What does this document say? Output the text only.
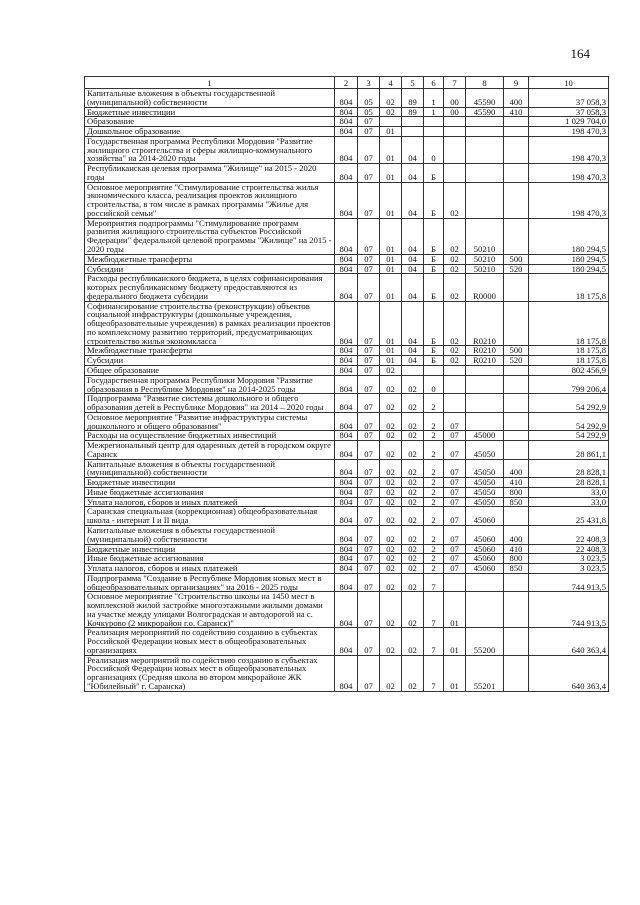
164
1	2	3	4	5	6	7	8	9	10
Капитальные вложения в объекты государственной (муниципальной) собственности	804	05	02	89	1	00	45590	400	37 058,3
Бюджетные инвестиции	804	05	02	89	1	00	45590	410	37 058,3
Образование	804	07							1 029 704,0
Дошкольное образование	804	07	01						198 470,3
Государственная программа Республики Мордовия "Развитие жилищного строительства и сферы жилищно-коммунального хозяйства" на 2014-2020 годы	804	07	01	04	0				198 470,3
Республиканская целевая программа "Жилище" на 2015 - 2020 годы	804	07	01	04	Б				198 470,3
Основное мероприятие "Стимулирование строительства жилья экономического класса, реализация проектов жилищного строительства, в том числе в рамках программы "Жилье для российской семьи"	804	07	01	04	Б	02			198 470,3
Мероприятия подпрограммы "Стимулирование программ развития жилищного строительства субъектов Российской Федерации" федеральной целевой программы "Жилище" на 2015 - 2020 годы	804	07	01	04	Б	02	50210		180 294,5
Межбюджетные трансферты	804	07	01	04	Б	02	50210	500	180 294,5
Субсидии	804	07	01	04	Б	02	50210	520	180 294,5
Расходы республиканского бюджета, в целях софинансирования которых республиканскому бюджету предоставляются из федерального бюджета субсидии	804	07	01	04	Б	02	R0000		18 175,8
Софинансирование строительства (реконструкции) объектов социальной инфраструктуры (дошкольные учреждения, общеобразовательные учреждения) в рамках реализации проектов по комплексному развитию территорий, предусматривающих строительство жилья экономкласса	804	07	01	04	Б	02	R0210		18 175,8
Межбюджетные трансферты	804	07	01	04	Б	02	R0210	500	18 175,8
Субсидии	804	07	01	04	Б	02	R0210	520	18 175,8
Общее образование	804	07	02						802 456,9
Государственная программа Республики Мордовия "Развитие образования в Республике Мордовия" на 2014-2025 годы	804	07	02	02	0				799 206,4
Подпрограмма "Развитие системы дошкольного и общего образования детей в Республике Мордовия" на 2014 – 2020 годы	804	07	02	02	2				54 292,9
Основное мероприятие "Развитие инфраструктуры системы дошкольного и общего образования"	804	07	02	02	2	07			54 292,9
Расходы на осуществление бюджетных инвестиций	804	07	02	02	2	07	45000		54 292,9
Межрегиональный центр для одаренных детей в городском округе Саранск	804	07	02	02	2	07	45050		28 861,1
Капитальные вложения в объекты государственной (муниципальной) собственности	804	07	02	02	2	07	45050	400	28 828,1
Бюджетные инвестиции	804	07	02	02	2	07	45050	410	28 828,1
Иные бюджетные ассигнования	804	07	02	02	2	07	45050	800	33,0
Уплата налогов, сборов и иных платежей	804	07	02	02	2	07	45050	850	33,0
Саранская специальная (коррекционная) общеобразовательная школа - интернат I и II вида	804	07	02	02	2	07	45060		25 431,8
Капитальные вложения в объекты государственной (муниципальной) собственности	804	07	02	02	2	07	45060	400	22 408,3
Бюджетные инвестиции	804	07	02	02	2	07	45060	410	22 408,3
Иные бюджетные ассигнования	804	07	02	02	2	07	45060	800	3 023,5
Уплата налогов, сборов и иных платежей	804	07	02	02	2	07	45060	850	3 023,5
Подпрограмма "Создание в Республике Мордовия новых мест в общеобразовательных организациях" на 2016 - 2025 годы	804	07	02	02	7				744 913,5
Основное мероприятие "Строительство школы на 1450 мест в комплексной жилой застройке многоэтажными жилыми домами на участке между улицами Волгоградская и автодорогой на с. Кочкурово (2 микрорайон г.о. Саранск)"	804	07	02	02	7	01			744 913,5
Реализация мероприятий по содействию созданию в субъектах Российской Федерации новых мест в общеобразовательных организациях	804	07	02	02	7	01	55200		640 363,4
Реализация мероприятий по содействию созданию в субъектах Российской Федерации новых мест в общеобразовательных организациях (Средняя школа во втором микрорайоне ЖК "Юбилейный" г. Саранска)	804	07	02	02	7	01	55201		640 363,4
